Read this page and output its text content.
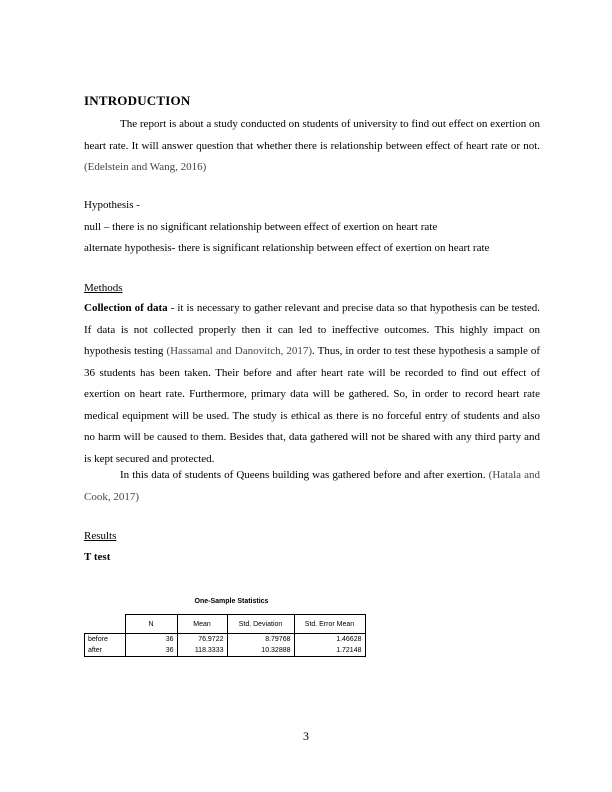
INTRODUCTION
The report is about a study conducted on students of university to find out effect on exertion on heart rate. It will answer question that whether there is relationship between effect of heart rate or not. (Edelstein and Wang, 2016)
Hypothesis -
null – there is no significant relationship between effect of exertion on heart rate
alternate hypothesis- there is significant relationship between effect of exertion on heart rate
Methods
Collection of data - it is necessary to gather relevant and precise data so that hypothesis can be tested. If data is not collected properly then it can led to ineffective outcomes. This highly impact on hypothesis testing (Hassamal and Danovitch, 2017). Thus, in order to test these hypothesis a sample of 36 students has been taken. Their before and after heart rate will be recorded to find out effect of exertion on heart rate. Furthermore, primary data will be gathered. So, in order to record heart rate medical equipment will be used. The study is ethical as there is no forceful entry of students and also no harm will be caused to them. Besides that, data gathered will not be shared with any third party and is kept secured and protected.
In this data of students of Queens building was gathered before and after exertion. (Hatala and Cook, 2017)
Results
T test
One-Sample Statistics
	N	Mean	Std. Deviation	Std. Error Mean
before	36	76.9722	8.79768	1.46628
after	36	118.3333	10.32888	1.72148
3
